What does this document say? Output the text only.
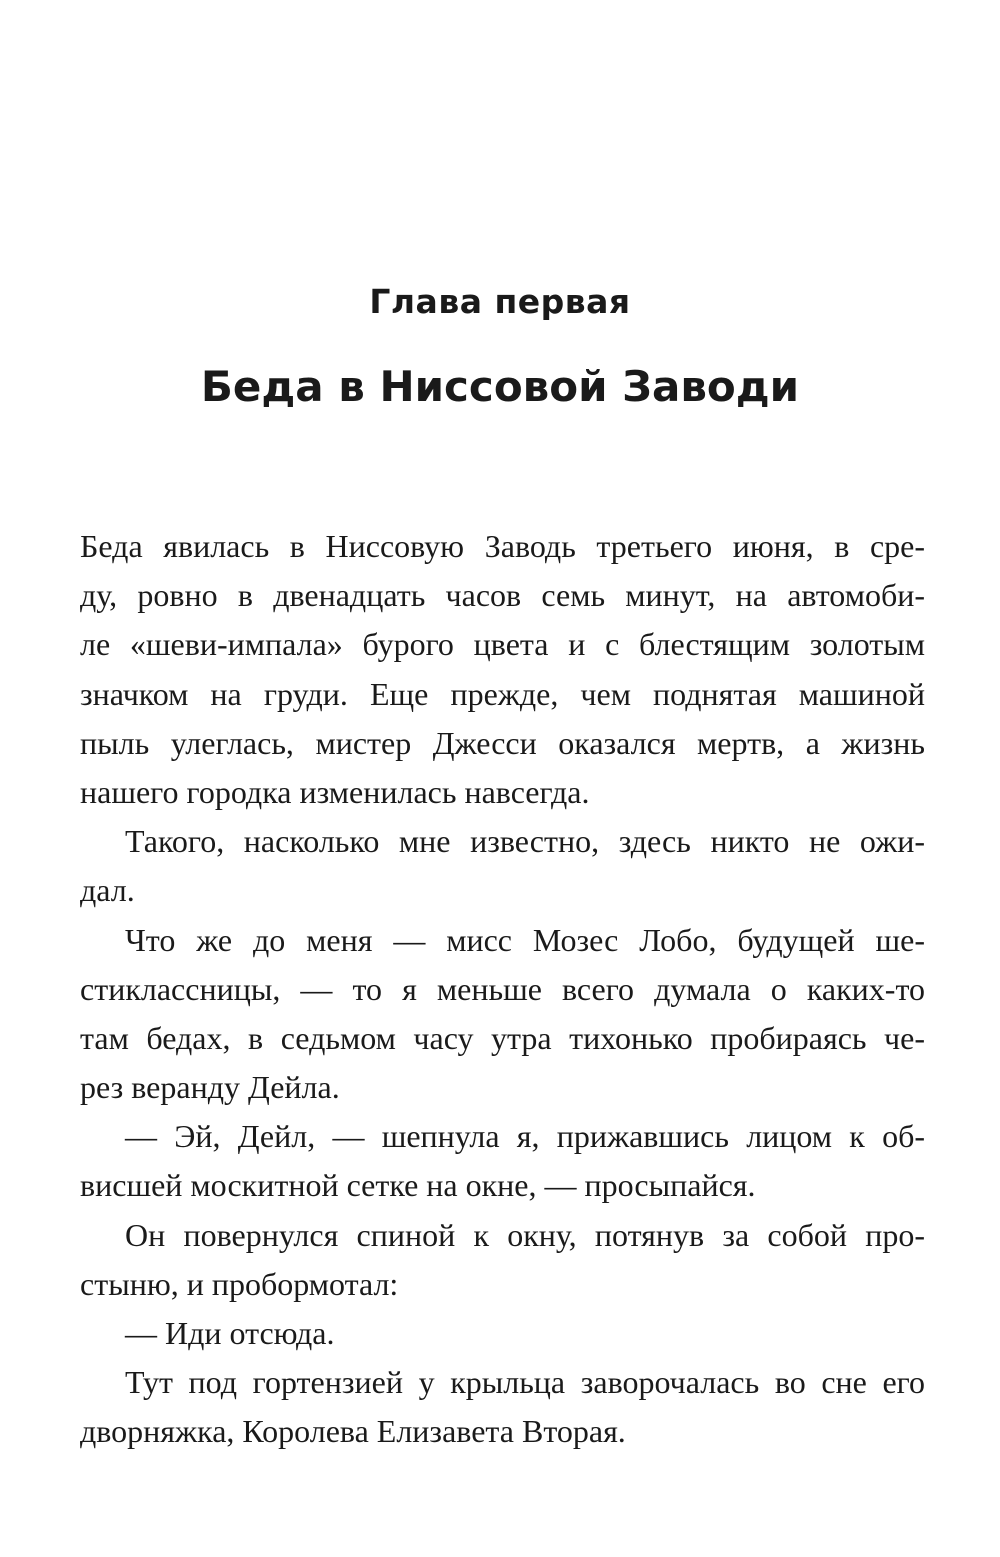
Глава первая
Беда в Ниссовой Заводи
Беда явилась в Ниссовую Заводь третьего июня, в сре-
ду, ровно в двенадцать часов семь минут, на автомоби-
ле «шеви-импала» бурого цвета и с блестящим золотым
значком на груди. Еще прежде, чем поднятая машиной
пыль улеглась, мистер Джесси оказался мертв, а жизнь
нашего городка изменилась навсегда.
Такого, насколько мне известно, здесь никто не ожи-
дал.
Что же до меня — мисс Мозес Лобо, будущей ше-
стиклассницы, — то я меньше всего думала о каких-то
там бедах, в седьмом часу утра тихонько пробираясь че-
рез веранду Дейла.
— Эй, Дейл, — шепнула я, прижавшись лицом к об-
висшей москитной сетке на окне, — просыпайся.
Он повернулся спиной к окну, потянув за собой про-
стыню, и пробормотал:
— Иди отсюда.
Тут под гортензией у крыльца заворочалась во сне его
дворняжка, Королева Елизавета Вторая.
